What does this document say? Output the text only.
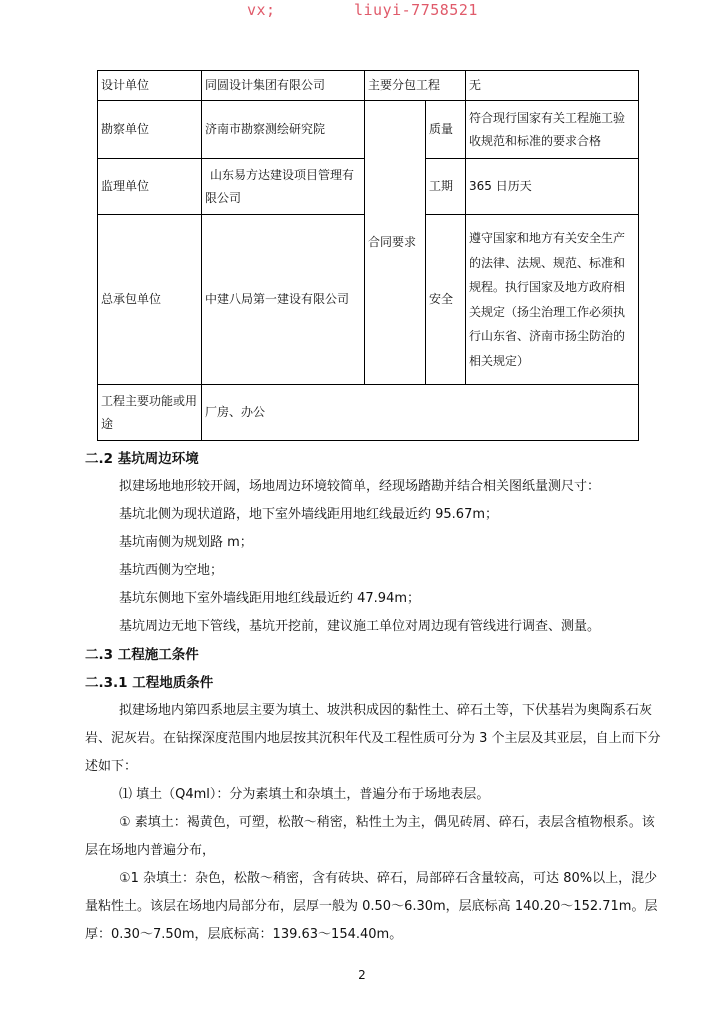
vx;	liuyi-7758521
设计单位	同圆设计集团有限公司	主要分包工程		无
勘察单位	济南市勘察测绘研究院	合同要求	质量	符合现行国家有关工程施工验收规范和标准的要求合格
监理单位	山东易方达建设项目管理有限公司		工期	365 日历天
总承包单位	中建八局第一建设有限公司		安全	遵守国家和地方有关安全生产的法律、法规、规范、标准和规程。执行国家及地方政府相关规定（扬尘治理工作必须执行山东省、济南市扬尘防治的相关规定）
工程主要功能或用途	厂房、办公			
二.2 基坑周边环境
拟建场地地形较开阔，场地周边环境较简单，经现场踏勘并结合相关图纸量测尺寸：
基坑北侧为现状道路，地下室外墙线距用地红线最近约 95.67m；
基坑南侧为规划路 m；
基坑西侧为空地；
基坑东侧地下室外墙线距用地红线最近约 47.94m；
基坑周边无地下管线，基坑开挖前，建议施工单位对周边现有管线进行调查、测量。
二.3 工程施工条件
二.3.1 工程地质条件
拟建场地内第四系地层主要为填土、坡洪积成因的黏性土、碎石土等，下伏基岩为奥陶系石灰岩、泥灰岩。在钻探深度范围内地层按其沉积年代及工程性质可分为 3 个主层及其亚层，自上而下分述如下：
⑴ 填土（Q4ml）：分为素填土和杂填土，普遍分布于场地表层。
① 素填土：褐黄色，可塑，松散～稍密，粘性土为主，偶见砖屑、碎石，表层含植物根系。该层在场地内普遍分布，
①1 杂填土：杂色，松散～稍密，含有砖块、碎石，局部碎石含量较高，可达 80%以上，混少量粘性土。该层在场地内局部分布，层厚一般为 0.50～6.30m，层底标高 140.20～152.71m。层厚：0.30～7.50m，层底标高：139.63～154.40m。
2
